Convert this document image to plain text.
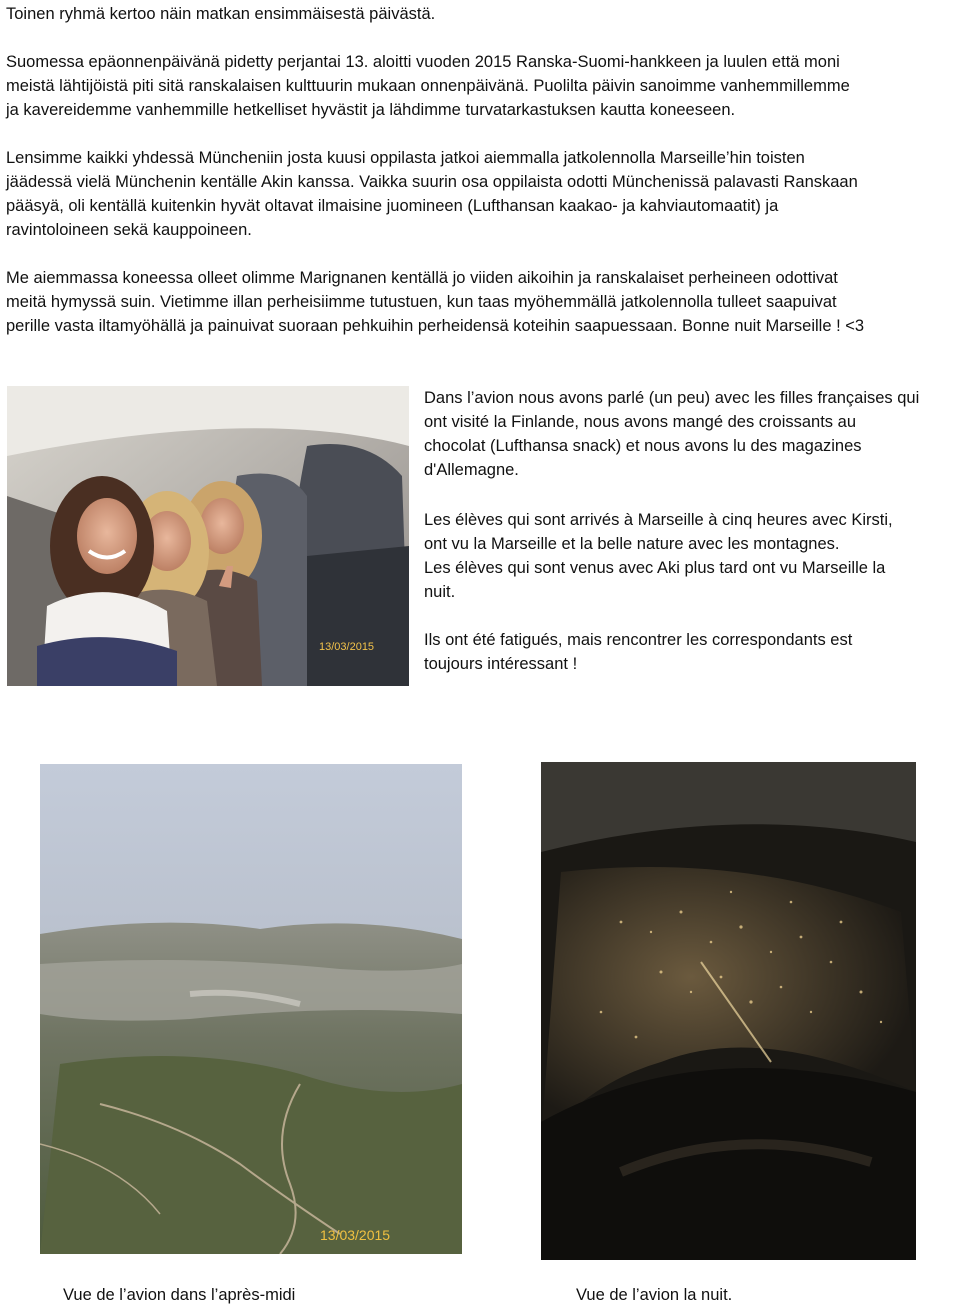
Toinen ryhmä kertoo näin matkan ensimmäisestä päivästä.

Suomessa epäonnenpäivänä pidetty perjantai 13. aloitti vuoden 2015 Ranska-Suomi-hankkeen ja luulen että moni
meistä lähtijöistä piti sitä ranskalaisen kulttuurin mukaan onnenpäivänä. Puolilta päivin sanoimme vanhemmillemme
ja kavereidemme vanhemmille hetkelliset hyvästit ja lähdimme turvatarkastuksen kautta koneeseen.

Lensimme kaikki yhdessä Müncheniin josta kuusi oppilasta jatkoi aiemmalla jatkolennolla Marseille’hin toisten
jäädessä vielä Münchenin kentälle Akin kanssa. Vaikka suurin osa oppilaista odotti Münchenissä palavasti Ranskaan
pääsyä, oli kentällä kuitenkin hyvät oltavat ilmaisine juomineen (Lufthansan kaakao- ja kahviautomaatit) ja
ravintoloineen sekä kauppoineen.

Me aiemmassa koneessa olleet olimme Marignanen kentällä jo viiden aikoihin ja ranskalaiset perheineen odottivat
meitä hymyssä suin. Vietimme illan perheisiimme tutustuen, kun taas myöhemmällä jatkolennolla tulleet saapuivat
perille vasta iltamyöhällä ja painuivat suoraan pehkuihin perheidensä koteihin saapuessaan. Bonne nuit Marseille ! <3

13/03/2015

Dans l’avion nous avons parlé (un peu) avec les filles françaises qui
ont visité la Finlande, nous avons mangé des croissants au
chocolat (Lufthansa snack) et nous avons lu des magazines
d'Allemagne.

Les élèves qui sont arrivés à Marseille à cinq heures avec Kirsti,
ont vu la Marseille et la belle nature avec les montagnes.
Les élèves qui sont venus avec Aki plus tard ont vu Marseille la
nuit.

Ils ont été fatigués, mais rencontrer les correspondants est
toujours intéressant !

13/03/2015
Vue de l’avion dans l’après-midi	Vue de l’avion la nuit.
